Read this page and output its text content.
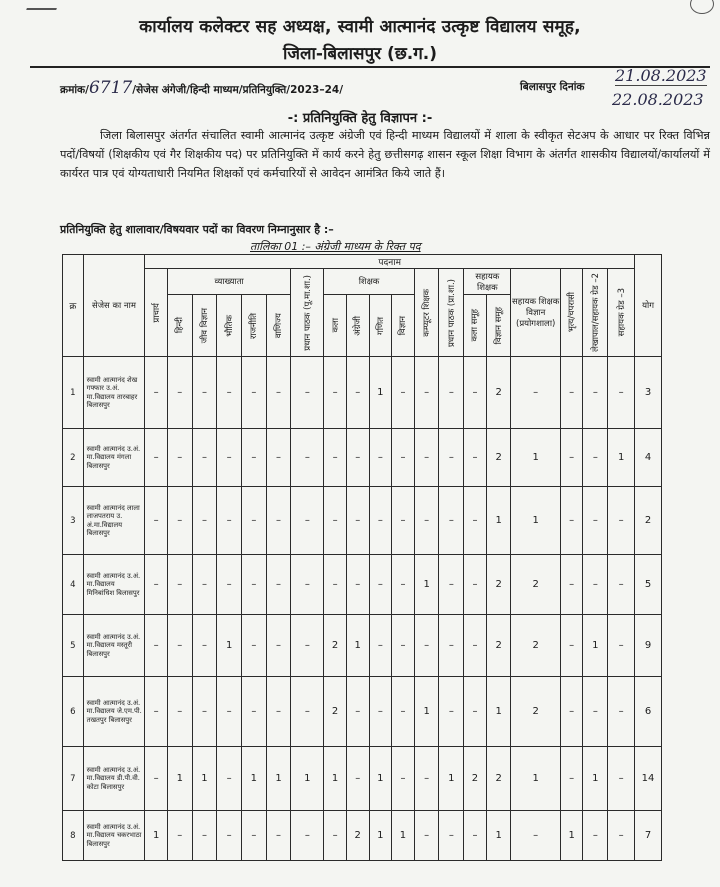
कार्यालय कलेक्टर सह अध्यक्ष, स्वामी आत्मानंद उत्कृष्ट विद्यालय समूह,
जिला-बिलासपुर (छ.ग.)
क्रमांक/6717/सेजेस अंगेजी/हिन्दी माध्यम/प्रतिनियुक्ति/2023–24/	बिलासपुर दिनांक
21.08.2023
22.08.2023
-: प्रतिनियुक्ति हेतु विज्ञापन :-
जिला बिलासपुर अंतर्गत संचालित स्वामी आत्मानंद उत्कृष्ट अंग्रेजी एवं हिन्दी माध्यम विद्यालयों में शाला के स्वीकृत सेटअप के आधार पर रिक्त विभिन्न पदों/विषयों (शिक्षकीय एवं गैर शिक्षकीय पद) पर प्रतिनियुक्ति में कार्य करने हेतु छत्तीसगढ़ शासन स्कूल शिक्षा विभाग के अंतर्गत शासकीय विद्यालयों/कार्यालयों में कार्यरत पात्र एवं योग्यताधारी नियमित शिक्षकों एवं कर्मचारियों से आवेदन आमंत्रित किये जाते हैं।
प्रतिनियुक्ति हेतु शालावार/विषयवार पदों का विवरण निम्नानुसार है :–
तालिका 01 :– अंग्रेजी माध्यम के रिक्त पद
क्र	सेजेस का नाम	पदनाम																			योग

		प्राचार्य	व्याख्याता					प्रधान पाठक (पू.मा.शा.)	शिक्षक				कम्प्यूटर शिक्षक	प्रधान पाठक (प्रा.शा.)	सहायक शिक्षक		सहायक शिक्षक विज्ञान (प्रयोगशाला)	भृत्य/चपरासी	लेखापाल/सहायक ग्रेड –2	सहायक ग्रेड –3	

			हिन्दी	जीव विज्ञान	भौतिक	राजनीति	वाणिज्य		कला	अंग्रेजी	गणित	विज्ञान			कला समूह	विज्ञान समूह					

1	स्वामी आत्मानंद शेख गफ्फार उ.अं. मा.विद्यालय तारबाहर बिलासपुर	–	–	–	–	–	–	–	–	–	1	–	–	–	–	2	–	–	–	–	3
2	स्वामी आत्मानंद उ.अं. मा.विद्यालय मंगला बिलासपुर	–	–	–	–	–	–	–	–	–	–	–	–	–	–	2	1	–	–	1	4
3	स्वामी आत्मानंद लाला लाजपतराय उ. अं.मा.विद्यालय बिलासपुर	–	–	–	–	–	–	–	–	–	–	–	–	–	–	1	1	–	–	–	2
4	स्वामी आत्मानंद उ.अं. मा.विद्यालय मिनिबांधिश बिलासपुर	–	–	–	–	–	–	–	–	–	–	–	1	–	–	2	2	–	–	–	5
5	स्वामी आत्मानंद उ.अं. मा.विद्यालय मस्तूरी बिलासपुर	–	–	–	1	–	–	–	2	1	–	–	–	–	–	2	2	–	1	–	9
6	स्वामी आत्मानंद उ.अं. मा.विद्यालय जे.एम.पी. तखतपुर बिलासपुर	–	–	–	–	–	–	–	2	–	–	–	1	–	–	1	2	–	–	–	6
7	स्वामी आत्मानंद उ.अं. मा.विद्यालय डी.पी.वी. कोटा बिलासपुर	–	1	1	–	1	1	1	1	–	1	–	–	1	2	2	1	–	1	–	14
8	स्वामी आत्मानंद उ.अं. मा.विद्यालय चकरभाठा बिलासपुर	1	–	–	–	–	–	–	–	2	1	1	–	–	–	1	–	1	–	–	7
